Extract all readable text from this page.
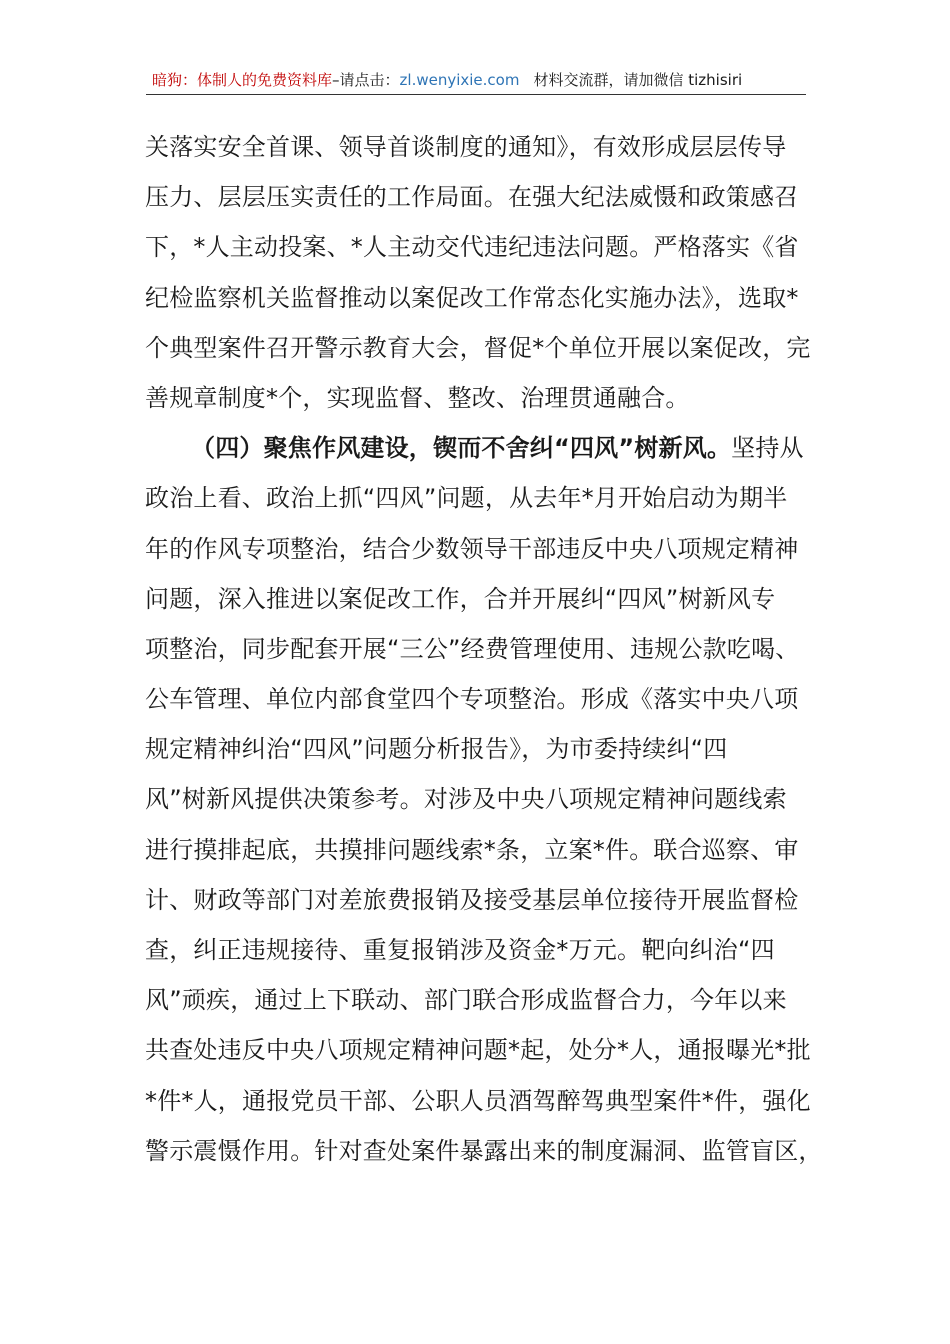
暗狗：体制人的免费资料库–请点击：zl.wenyixie.com 材料交流群，请加微信 tizhisiri
关落实安全首课、领导首谈制度的通知》，有效形成层层传导
压力、层层压实责任的工作局面。在强大纪法威慑和政策感召
下，*人主动投案、*人主动交代违纪违法问题。严格落实《省
纪检监察机关监督推动以案促改工作常态化实施办法》，选取*
个典型案件召开警示教育大会，督促*个单位开展以案促改，完
善规章制度*个，实现监督、整改、治理贯通融合。
（四）聚焦作风建设，锲而不舍纠“四风”树新风。坚持从
政治上看、政治上抓“四风”问题，从去年*月开始启动为期半
年的作风专项整治，结合少数领导干部违反中央八项规定精神
问题，深入推进以案促改工作，合并开展纠“四风”树新风专
项整治，同步配套开展“三公”经费管理使用、违规公款吃喝、
公车管理、单位内部食堂四个专项整治。形成《落实中央八项
规定精神纠治“四风”问题分析报告》，为市委持续纠“四
风”树新风提供决策参考。对涉及中央八项规定精神问题线索
进行摸排起底，共摸排问题线索*条，立案*件。联合巡察、审
计、财政等部门对差旅费报销及接受基层单位接待开展监督检
查，纠正违规接待、重复报销涉及资金*万元。靶向纠治“四
风”顽疾，通过上下联动、部门联合形成监督合力，今年以来
共查处违反中央八项规定精神问题*起，处分*人，通报曝光*批
*件*人，通报党员干部、公职人员酒驾醉驾典型案件*件，强化
警示震慑作用。针对查处案件暴露出来的制度漏洞、监管盲区，
